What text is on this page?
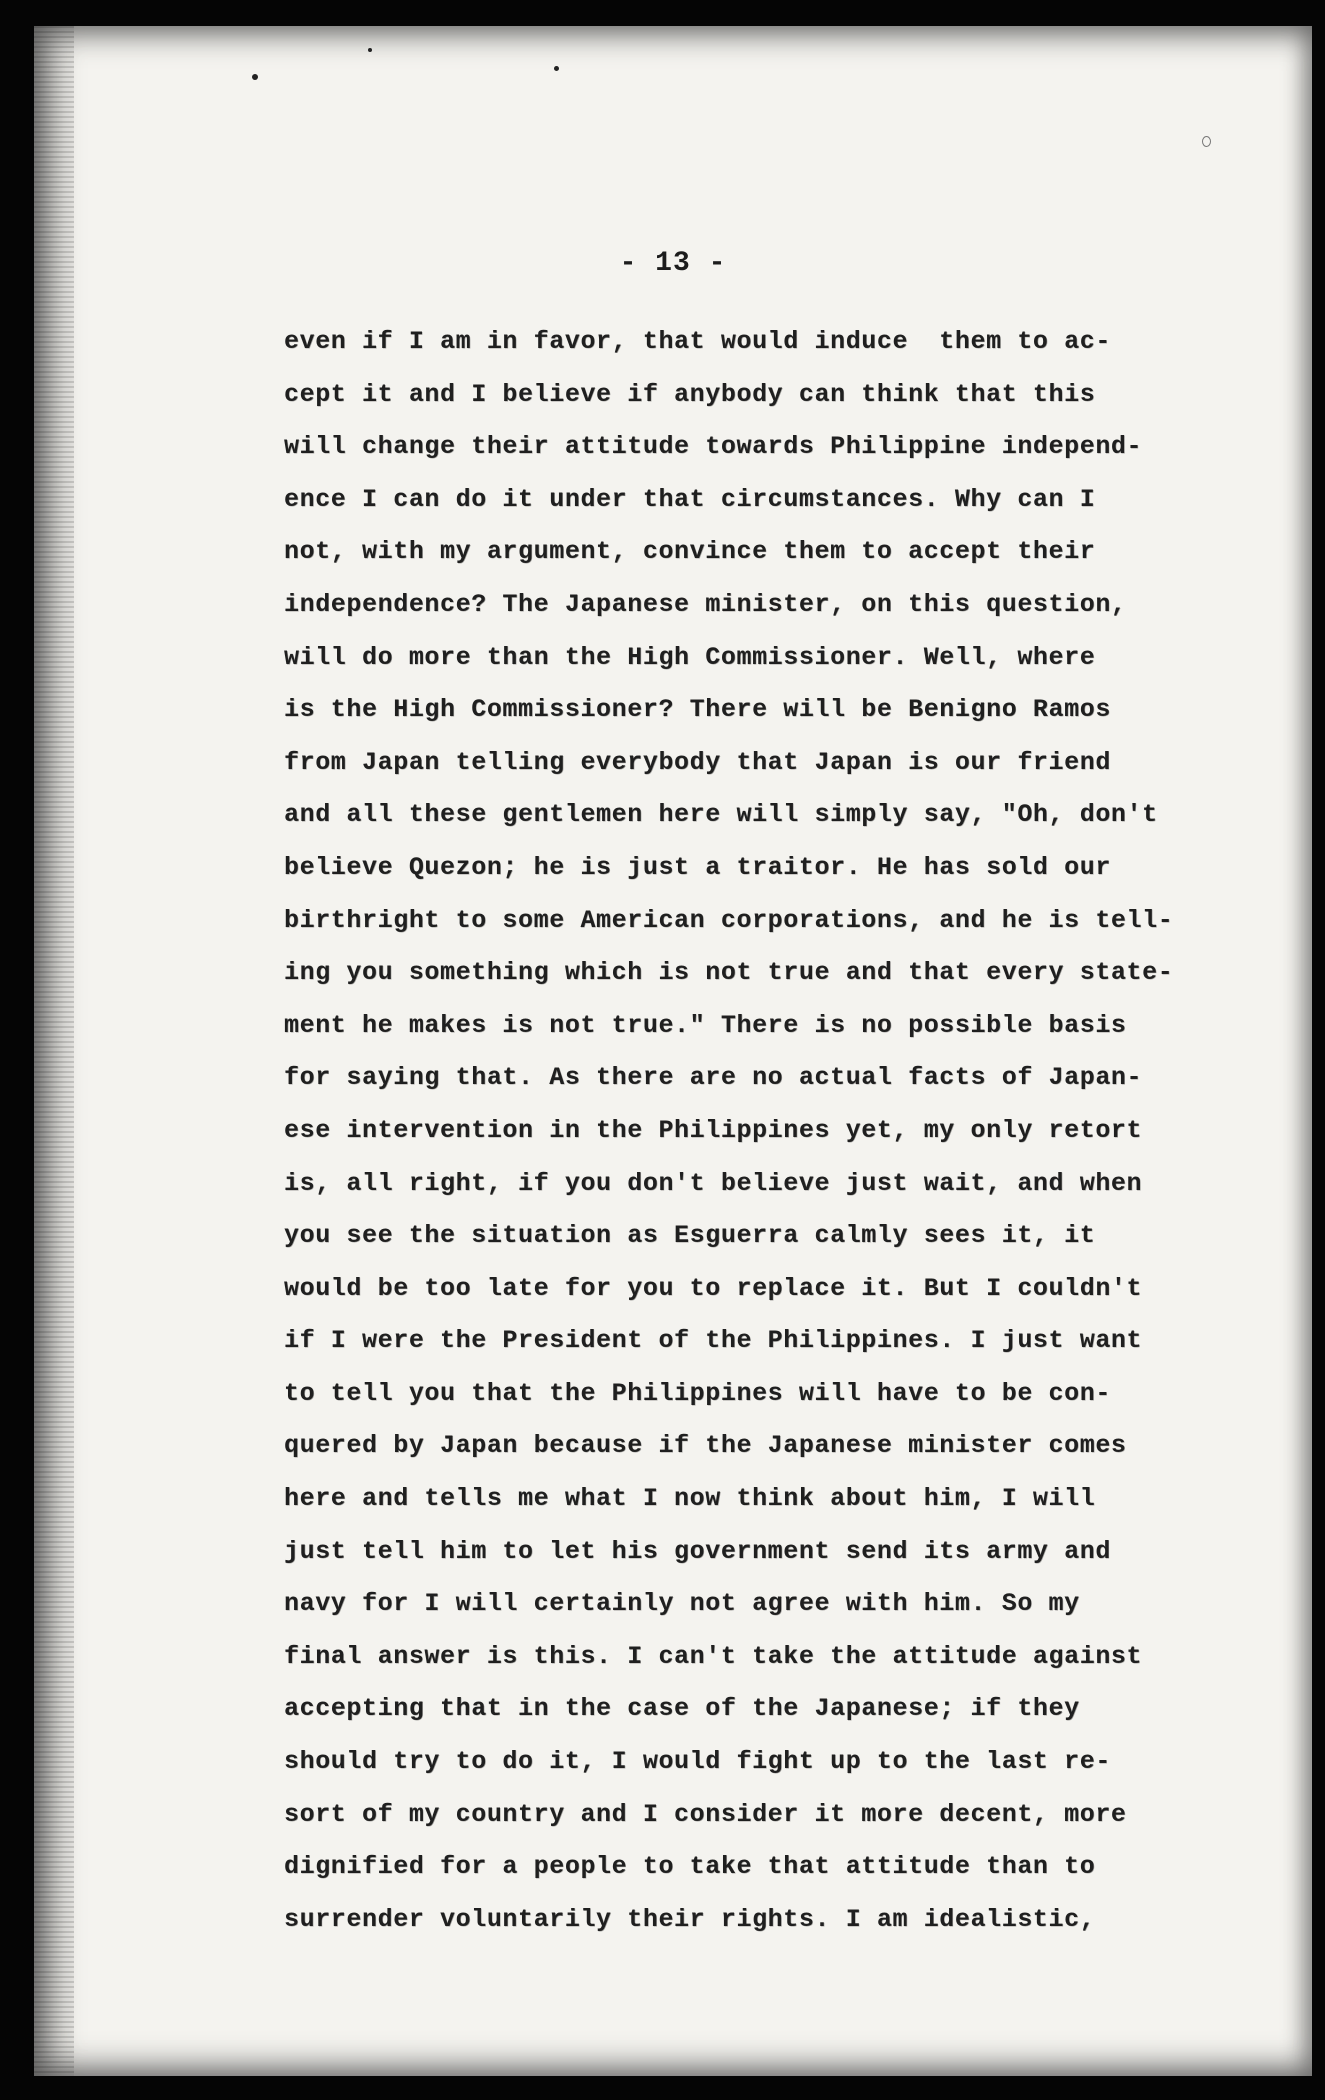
- 13 -
even if I am in favor, that would induce  them to ac-
cept it and I believe if anybody can think that this
will change their attitude towards Philippine independ-
ence I can do it under that circumstances. Why can I
not, with my argument, convince them to accept their
independence? The Japanese minister, on this question,
will do more than the High Commissioner. Well, where
is the High Commissioner? There will be Benigno Ramos
from Japan telling everybody that Japan is our friend
and all these gentlemen here will simply say, "Oh, don't
believe Quezon; he is just a traitor. He has sold our
birthright to some American corporations, and he is tell-
ing you something which is not true and that every state-
ment he makes is not true." There is no possible basis
for saying that. As there are no actual facts of Japan-
ese intervention in the Philippines yet, my only retort
is, all right, if you don't believe just wait, and when
you see the situation as Esguerra calmly sees it, it
would be too late for you to replace it. But I couldn't
if I were the President of the Philippines. I just want
to tell you that the Philippines will have to be con-
quered by Japan because if the Japanese minister comes
here and tells me what I now think about him, I will
just tell him to let his government send its army and
navy for I will certainly not agree with him. So my
final answer is this. I can't take the attitude against
accepting that in the case of the Japanese; if they
should try to do it, I would fight up to the last re-
sort of my country and I consider it more decent, more
dignified for a people to take that attitude than to
surrender voluntarily their rights. I am idealistic,
